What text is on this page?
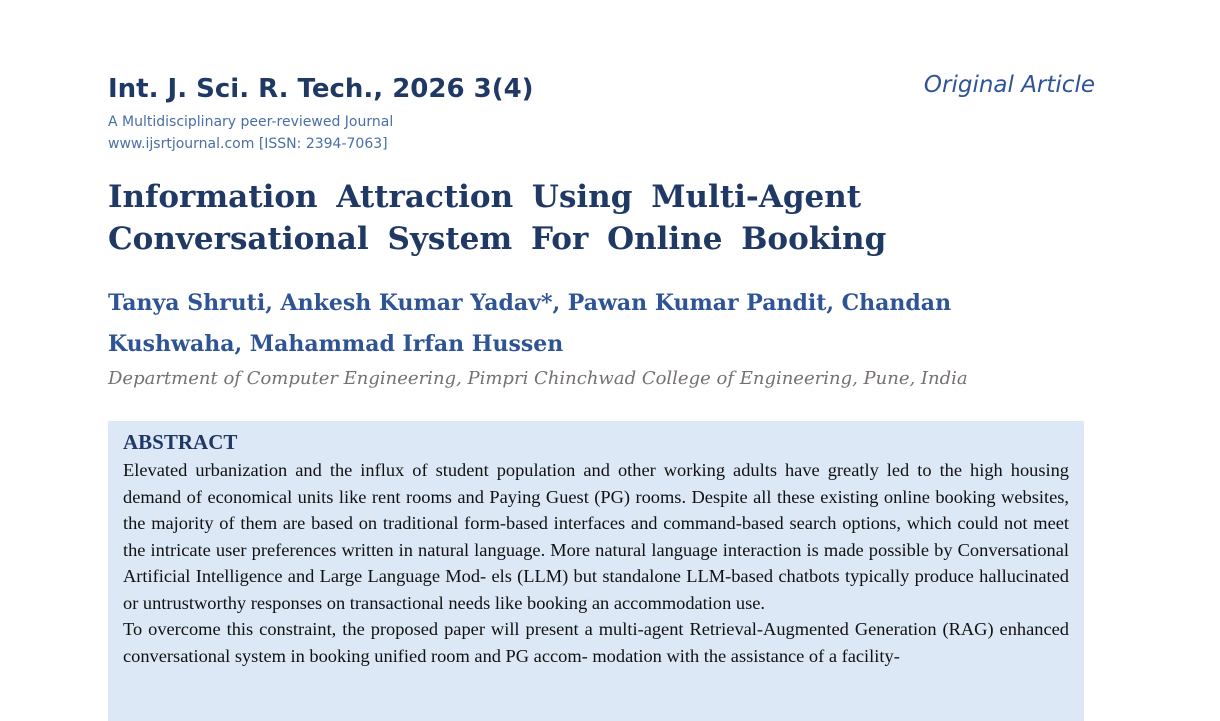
Int. J. Sci. R. Tech., 2026 3(4)
A Multidisciplinary peer-reviewed Journal
www.ijsrtjournal.com [ISSN: 2394-7063]
Original Article
Information Attraction Using Multi-Agent Conversational System For Online Booking

Tanya Shruti, Ankesh Kumar Yadav*, Pawan Kumar Pandit, Chandan Kushwaha, Mahammad Irfan Hussen

Department of Computer Engineering, Pimpri Chinchwad College of Engineering, Pune, India
ABSTRACT

Elevated urbanization and the influx of student population and other working adults have greatly led to the high housing demand of economical units like rent rooms and Paying Guest (PG) rooms. Despite all these existing online booking websites, the majority of them are based on traditional form-based interfaces and command-based search options, which could not meet the intricate user preferences written in natural language. More natural language interaction is made possible by Conversational Artificial Intelligence and Large Language Mod- els (LLM) but standalone LLM-based chatbots typically produce hallucinated or untrustworthy responses on transactional needs like booking an accommodation use.

To overcome this constraint, the proposed paper will present a multi-agent Retrieval-Augmented Generation (RAG) enhanced conversational system in booking unified room and PG accom- modation with the assistance of a facility-
